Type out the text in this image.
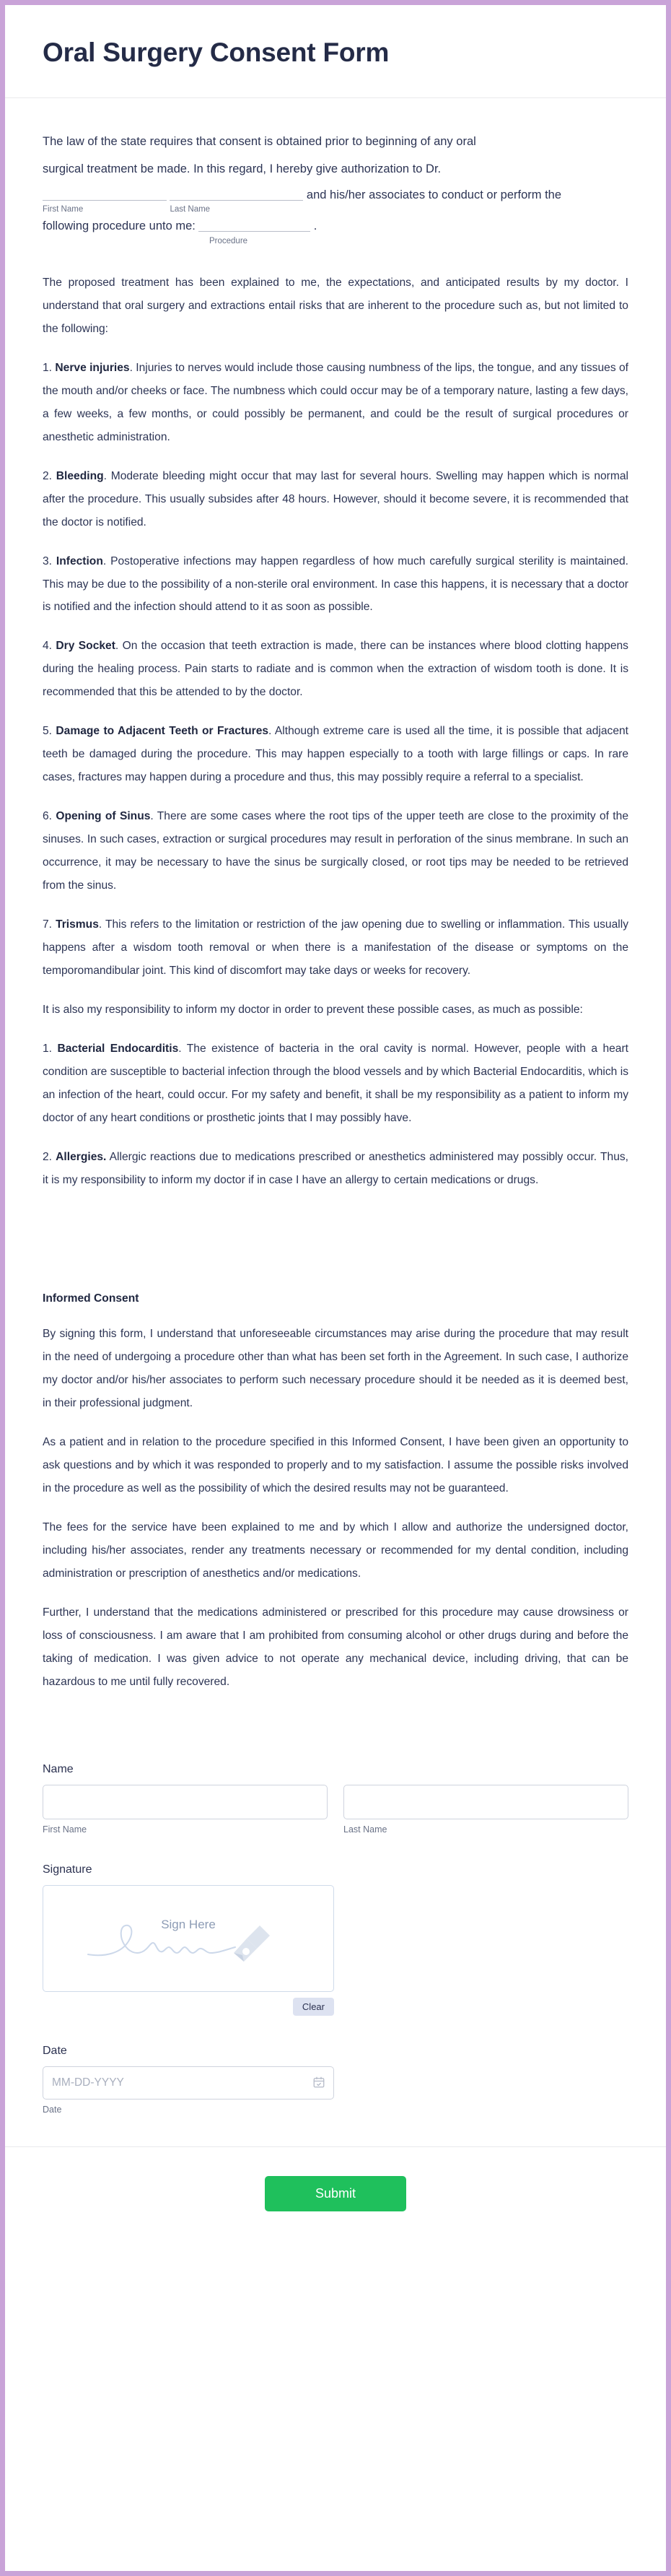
Oral Surgery Consent Form

The law of the state requires that consent is obtained prior to beginning of any oral
surgical treatment be made. In this regard, I hereby give authorization to Dr.

and his/her associates to conduct or perform the
First Name	Last Name
following procedure unto me:	.
Procedure

The proposed treatment has been explained to me, the expectations, and anticipated results by my doctor. I understand that oral surgery and extractions entail risks that are inherent to the procedure such as, but not limited to the following:

1. Nerve injuries. Injuries to nerves would include those causing numbness of the lips, the tongue, and any tissues of the mouth and/or cheeks or face. The numbness which could occur may be of a temporary nature, lasting a few days, a few weeks, a few months, or could possibly be permanent, and could be the result of surgical procedures or anesthetic administration.

2. Bleeding. Moderate bleeding might occur that may last for several hours. Swelling may happen which is normal after the procedure. This usually subsides after 48 hours. However, should it become severe, it is recommended that the doctor is notified.

3. Infection. Postoperative infections may happen regardless of how much carefully surgical sterility is maintained. This may be due to the possibility of a non-sterile oral environment. In case this happens, it is necessary that a doctor is notified and the infection should attend to it as soon as possible.

4. Dry Socket. On the occasion that teeth extraction is made, there can be instances where blood clotting happens during the healing process. Pain starts to radiate and is common when the extraction of wisdom tooth is done. It is recommended that this be attended to by the doctor.

5. Damage to Adjacent Teeth or Fractures. Although extreme care is used all the time, it is possible that adjacent teeth be damaged during the procedure. This may happen especially to a tooth with large fillings or caps. In rare cases, fractures may happen during a procedure and thus, this may possibly require a referral to a specialist.

6. Opening of Sinus. There are some cases where the root tips of the upper teeth are close to the proximity of the sinuses. In such cases, extraction or surgical procedures may result in perforation of the sinus membrane. In such an occurrence, it may be necessary to have the sinus be surgically closed, or root tips may be needed to be retrieved from the sinus.

7. Trismus. This refers to the limitation or restriction of the jaw opening due to swelling or inflammation. This usually happens after a wisdom tooth removal or when there is a manifestation of the disease or symptoms on the temporomandibular joint. This kind of discomfort may take days or weeks for recovery.

It is also my responsibility to inform my doctor in order to prevent these possible cases, as much as possible:

1. Bacterial Endocarditis. The existence of bacteria in the oral cavity is normal. However, people with a heart condition are susceptible to bacterial infection through the blood vessels and by which Bacterial Endocarditis, which is an infection of the heart, could occur. For my safety and benefit, it shall be my responsibility as a patient to inform my doctor of any heart conditions or prosthetic joints that I may possibly have.

2. Allergies. Allergic reactions due to medications prescribed or anesthetics administered may possibly occur. Thus, it is my responsibility to inform my doctor if in case I have an allergy to certain medications or drugs.

Informed Consent

By signing this form, I understand that unforeseeable circumstances may arise during the procedure that may result in the need of undergoing a procedure other than what has been set forth in the Agreement. In such case, I authorize my doctor and/or his/her associates to perform such necessary procedure should it be needed as it is deemed best, in their professional judgment.

As a patient and in relation to the procedure specified in this Informed Consent, I have been given an opportunity to ask questions and by which it was responded to properly and to my satisfaction. I assume the possible risks involved in the procedure as well as the possibility of which the desired results may not be guaranteed.

The fees for the service have been explained to me and by which I allow and authorize the undersigned doctor, including his/her associates, render any treatments necessary or recommended for my dental condition, including administration or prescription of anesthetics and/or medications.

Further, I understand that the medications administered or prescribed for this procedure may cause drowsiness or loss of consciousness. I am aware that I am prohibited from consuming alcohol or other drugs during and before the taking of medication. I was given advice to not operate any mechanical device, including driving, that can be hazardous to me until fully recovered.

Name
First Name	Last Name
Signature
Sign Here
Clear
Date
MM-DD-YYYY
Date
Submit
